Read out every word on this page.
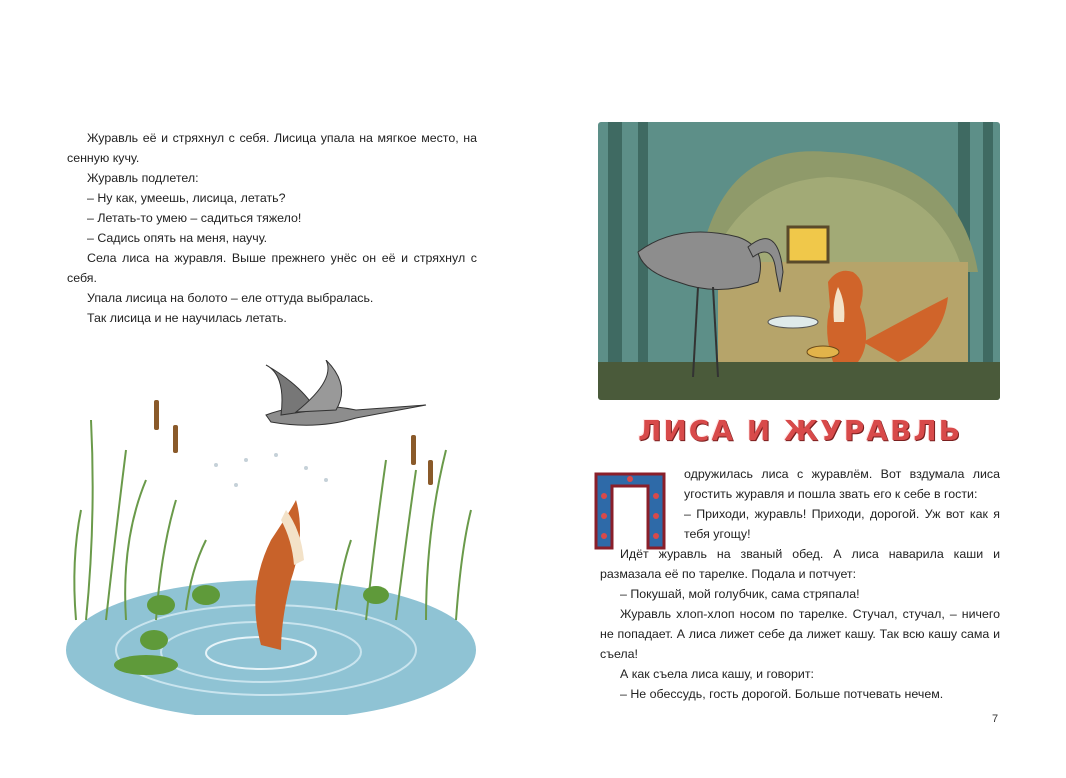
Журавль её и стряхнул с себя. Лисица упала на мягкое место, на сенную кучу.

Журавль подлетел:

– Ну как, умеешь, лисица, летать?

– Летать-то умею – садиться тяжело!

– Садись опять на меня, научу.

Села лиса на журавля. Выше прежнего унёс он её и стряхнул с себя.

Упала лисица на болото – еле оттуда выбралась.

Так лисица и не научилась летать.

ЛИСА И ЖУРАВЛЬ

одружилась лиса с журавлём. Вот вздумала лиса угостить журавля и пошла звать его к себе в гости:

– Приходи, журавль! Приходи, дорогой. Уж вот как я тебя угощу!

Идёт журавль на званый обед. А лиса наварила каши и размазала её по тарелке. Подала и потчует:

– Покушай, мой голубчик, сама стряпала!

Журавль хлоп-хлоп носом по тарелке. Стучал, стучал, – ничего не попадает. А лиса лижет себе да лижет кашу. Так всю кашу сама и съела!

А как съела лиса кашу, и говорит:

– Не обессудь, гость дорогой. Больше потчевать нечем.

7
